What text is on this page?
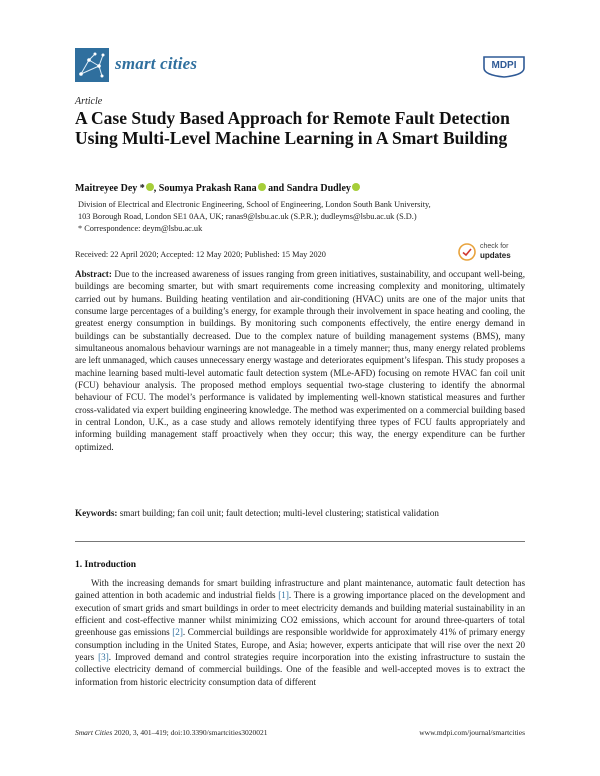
smart cities	MDPI
Article
A Case Study Based Approach for Remote Fault Detection Using Multi-Level Machine Learning in A Smart Building
Maitreyee Dey * , Soumya Prakash Rana and Sandra Dudley
Division of Electrical and Electronic Engineering, School of Engineering, London South Bank University,
103 Borough Road, London SE1 0AA, UK; ranas9@lsbu.ac.uk (S.P.R.); dudleyms@lsbu.ac.uk (S.D.)
* Correspondence: deym@lsbu.ac.uk
Received: 22 April 2020; Accepted: 12 May 2020; Published: 15 May 2020
check for
updates

Abstract: Due to the increased awareness of issues ranging from green initiatives, sustainability, and occupant well-being, buildings are becoming smarter, but with smart requirements come increasing complexity and monitoring, ultimately carried out by humans. Building heating ventilation and air-conditioning (HVAC) units are one of the major units that consume large percentages of a building’s energy, for example through their involvement in space heating and cooling, the greatest energy consumption in buildings. By monitoring such components effectively, the entire energy demand in buildings can be substantially decreased. Due to the complex nature of building management systems (BMS), many simultaneous anomalous behaviour warnings are not manageable in a timely manner; thus, many energy related problems are left unmanaged, which causes unnecessary energy wastage and deteriorates equipment’s lifespan. This study proposes a machine learning based multi-level automatic fault detection system (MLe-AFD) focusing on remote HVAC fan coil unit (FCU) behaviour analysis. The proposed method employs sequential two-stage clustering to identify the abnormal behaviour of FCU. The model’s performance is validated by implementing well-known statistical measures and further cross-validated via expert building engineering knowledge. The method was experimented on a commercial building based in central London, U.K., as a case study and allows remotely identifying three types of FCU faults appropriately and informing building management staff proactively when they occur; this way, the energy expenditure can be further optimized.

Keywords: smart building; fan coil unit; fault detection; multi-level clustering; statistical validation
1. Introduction

With the increasing demands for smart building infrastructure and plant maintenance, automatic fault detection has gained attention in both academic and industrial fields [1]. There is a growing importance placed on the development and execution of smart grids and smart buildings in order to meet electricity demands and building material sustainability in an efficient and cost-effective manner whilst minimizing CO2 emissions, which account for around three-quarters of total greenhouse gas emissions [2]. Commercial buildings are responsible worldwide for approximately 41% of primary energy consumption including in the United States, Europe, and Asia; however, experts anticipate that will rise over the next 20 years [3]. Improved demand and control strategies require incorporation into the existing infrastructure to sustain the collective electricity demand of commercial buildings. One of the feasible and well-accepted moves is to extract the information from historic electricity consumption data of different

Smart Cities 2020, 3, 401–419; doi:10.3390/smartcities3020021	www.mdpi.com/journal/smartcities
